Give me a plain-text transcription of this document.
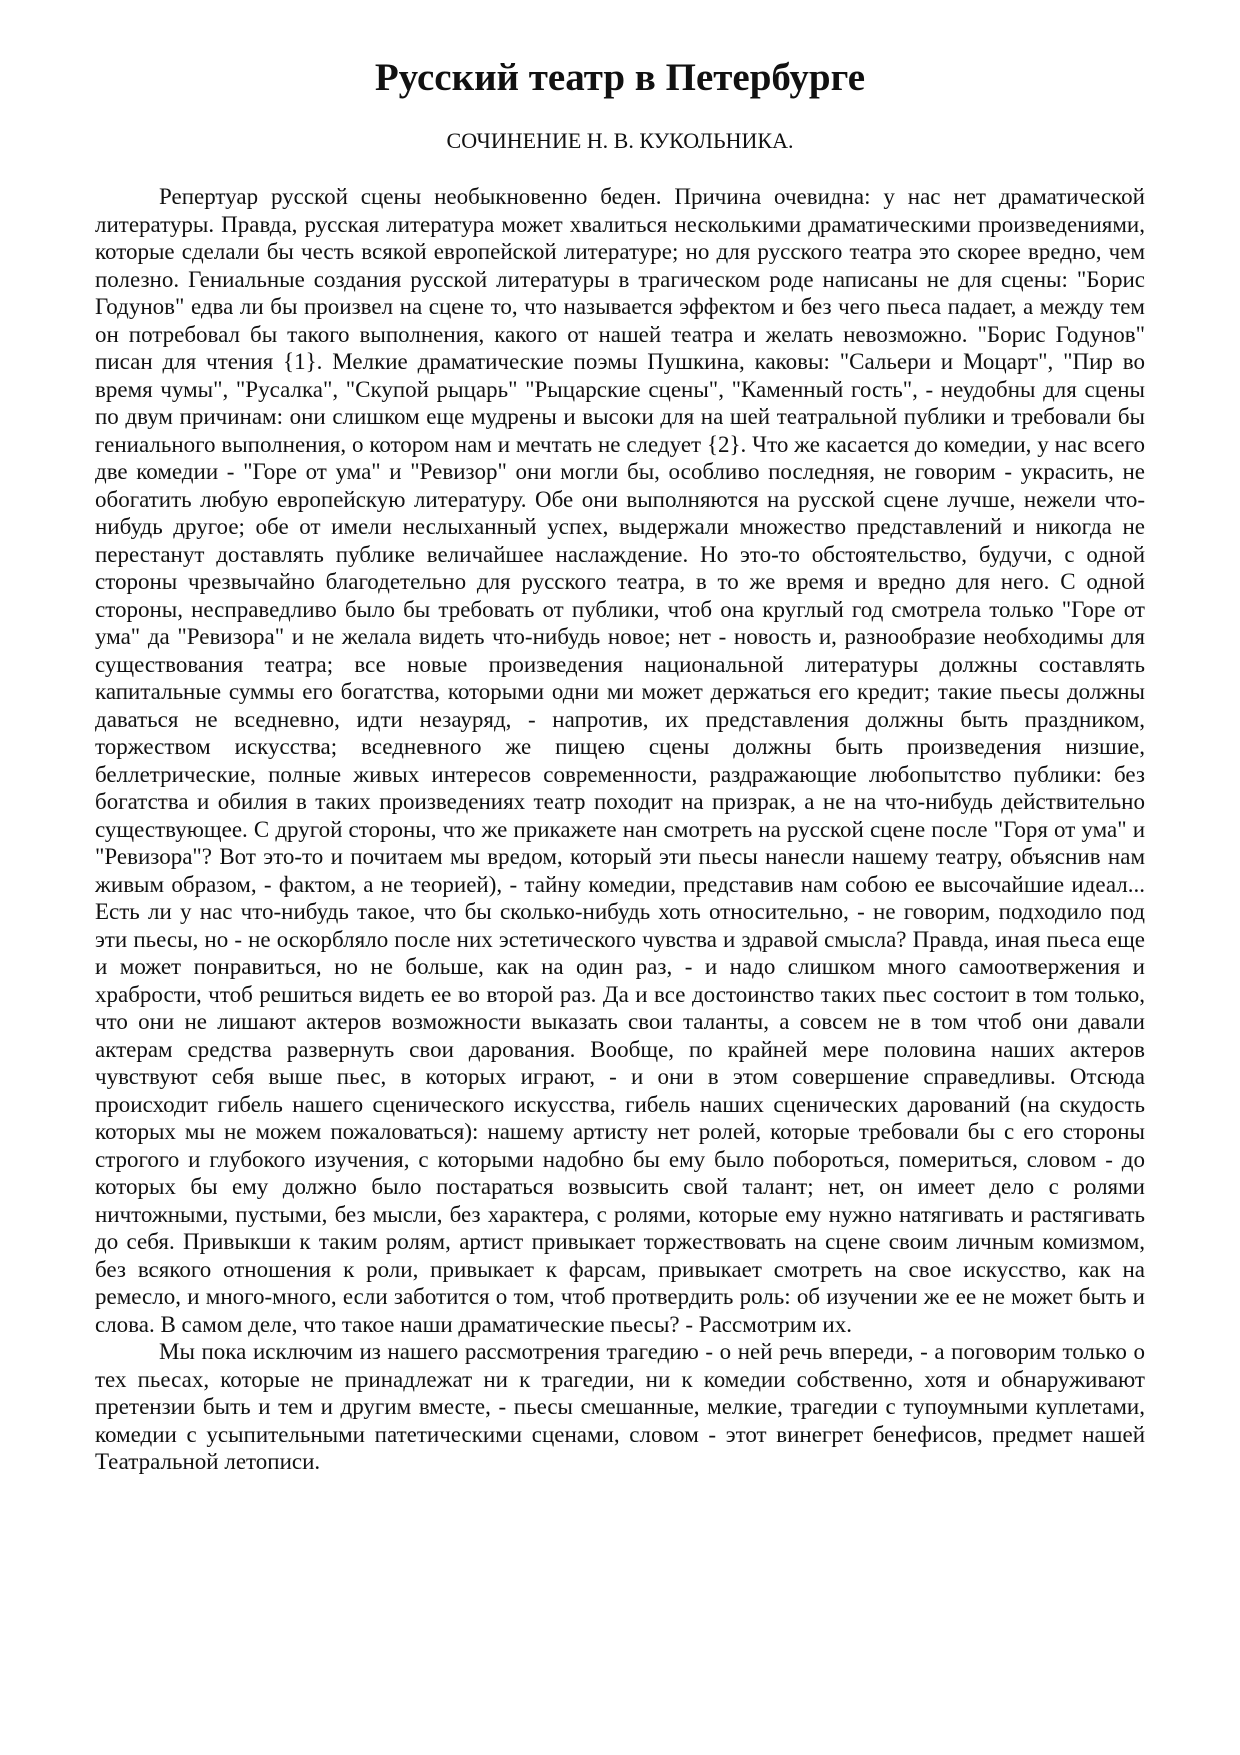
Русский театр в Петербурге
СОЧИНЕНИЕ Н. В. КУКОЛЬНИКА.

Репертуар русской сцены необыкновенно беден. Причина очевидна: у нас нет драматической литературы. Правда, русская литература может хвалиться несколькими драматическими произведениями, которые сделали бы честь всякой европейской литературе; но для русского театра это скорее вредно, чем полезно. Гениальные создания русской литературы в трагическом роде написаны не для сцены: "Борис Годунов" едва ли бы произвел на сцене то, что называется эффектом и без чего пьеса падает, а между тем он потребовал бы такого выполнения, какого от нашей театра и желать невозможно. "Борис Годунов" писан для чтения {1}. Мелкие драматические поэмы Пушкина, каковы: "Сальери и Моцарт", "Пир во время чумы", "Русалка", "Скупой рыцарь" "Рыцарские сцены", "Каменный гость", - неудобны для сцены по двум причинам: они слишком еще мудрены и высоки для на шей театральной публики и требовали бы гениального выполнения, о котором нам и мечтать не следует {2}. Что же касается до комедии, у нас всего две комедии - "Горе от ума" и "Ревизор" они могли бы, особливо последняя, не говорим - украсить, не обогатить любую европейскую литературу. Обе они выполняются на русской сцене лучше, нежели что-нибудь другое; обе от имели неслыханный успех, выдержали множество представлений и никогда не перестанут доставлять публике величайшее наслаждение. Но это-то обстоятельство, будучи, с одной стороны чрезвычайно благодетельно для русского театра, в то же время и вредно для него. С одной стороны, несправедливо было бы требовать от публики, чтоб она круглый год смотрела только "Горе от ума" да "Ревизора" и не желала видеть что-нибудь новое; нет - новость и, разнообразие необходимы для существования театра; все новые произведения национальной литературы должны составлять капитальные суммы его богатства, которыми одни ми может держаться его кредит; такие пьесы должны даваться не вседневно, идти незауряд, - напротив, их представления должны быть праздником, торжеством искусства; вседневного же пищею сцены должны быть произведения низшие, беллетрические, полные живых интересов современности, раздражающие любопытство публики: без богатства и обилия в таких произведениях театр походит на призрак, а не на что-нибудь действительно существующее. С другой стороны, что же прикажете нан смотреть на русской сцене после "Горя от ума" и "Ревизора"? Вот это-то и почитаем мы вредом, который эти пьесы нанесли нашему театру, объяснив нам живым образом, - фактом, а не теорией), - тайну комедии, представив нам собою ее высочайшие идеал... Есть ли у нас что-нибудь такое, что бы сколько-нибудь хоть относительно, - не говорим, подходило под эти пьесы, но - не оскорбляло после них эстетического чувства и здравой смысла? Правда, иная пьеса еще и может понравиться, но не больше, как на один раз, - и надо слишком много самоотвержения и храбрости, чтоб решиться видеть ее во второй раз. Да и все достоинство таких пьес состоит в том только, что они не лишают актеров возможности выказать свои таланты, а совсем не в том чтоб они давали актерам средства развернуть свои дарования. Вообще, по крайней мере половина наших актеров чувствуют себя выше пьес, в которых играют, - и они в этом совершение справедливы. Отсюда происходит гибель нашего сценического искусства, гибель наших сценических дарований (на скудость которых мы не можем пожаловаться): нашему артисту нет ролей, которые требовали бы с его стороны строгого и глубокого изучения, с которыми надобно бы ему было побороться, помериться, словом - до которых бы ему должно было постараться возвысить свой талант; нет, он имеет дело с ролями ничтожными, пустыми, без мысли, без характера, с ролями, которые ему нужно натягивать и растягивать до себя. Привыкши к таким ролям, артист привыкает торжествовать на сцене своим личным комизмом, без всякого отношения к роли, привыкает к фарсам, привыкает смотреть на свое искусство, как на ремесло, и много-много, если заботится о том, чтоб протвердить роль: об изучении же ее не может быть и слова. В самом деле, что такое наши драматические пьесы? - Рассмотрим их.

Мы пока исключим из нашего рассмотрения трагедию - о ней речь впереди, - а поговорим только о тех пьесах, которые не принадлежат ни к трагедии, ни к комедии собственно, хотя и обнаруживают претензии быть и тем и другим вместе, - пьесы смешанные, мелкие, трагедии с тупоумными куплетами, комедии с усыпительными патетическими сценами, словом - этот винегрет бенефисов, предмет нашей Театральной летописи.
